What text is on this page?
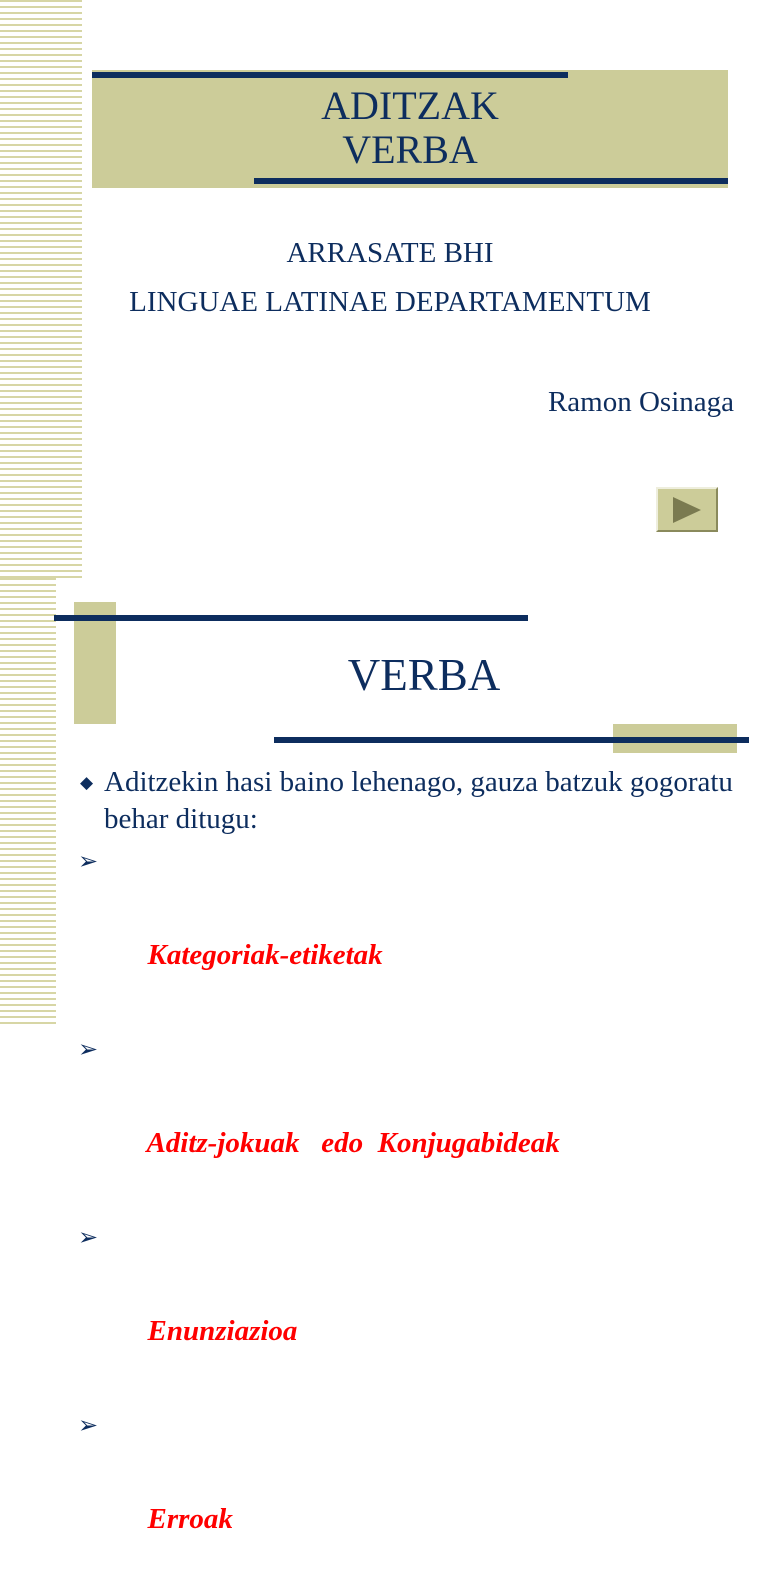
ADITZAK
VERBA
ARRASATE BHI
LINGUAE LATINAE DEPARTAMENTUM
Ramon Osinaga
VERBA
◆ Aditzekin hasi baino lehenago, gauza batzuk gogoratu behar ditugu:

➢

Kategoriak-etiketak

➢

Aditz-jokuak   edo  Konjugabideak

➢

Enunziazioa

➢

Erroak
